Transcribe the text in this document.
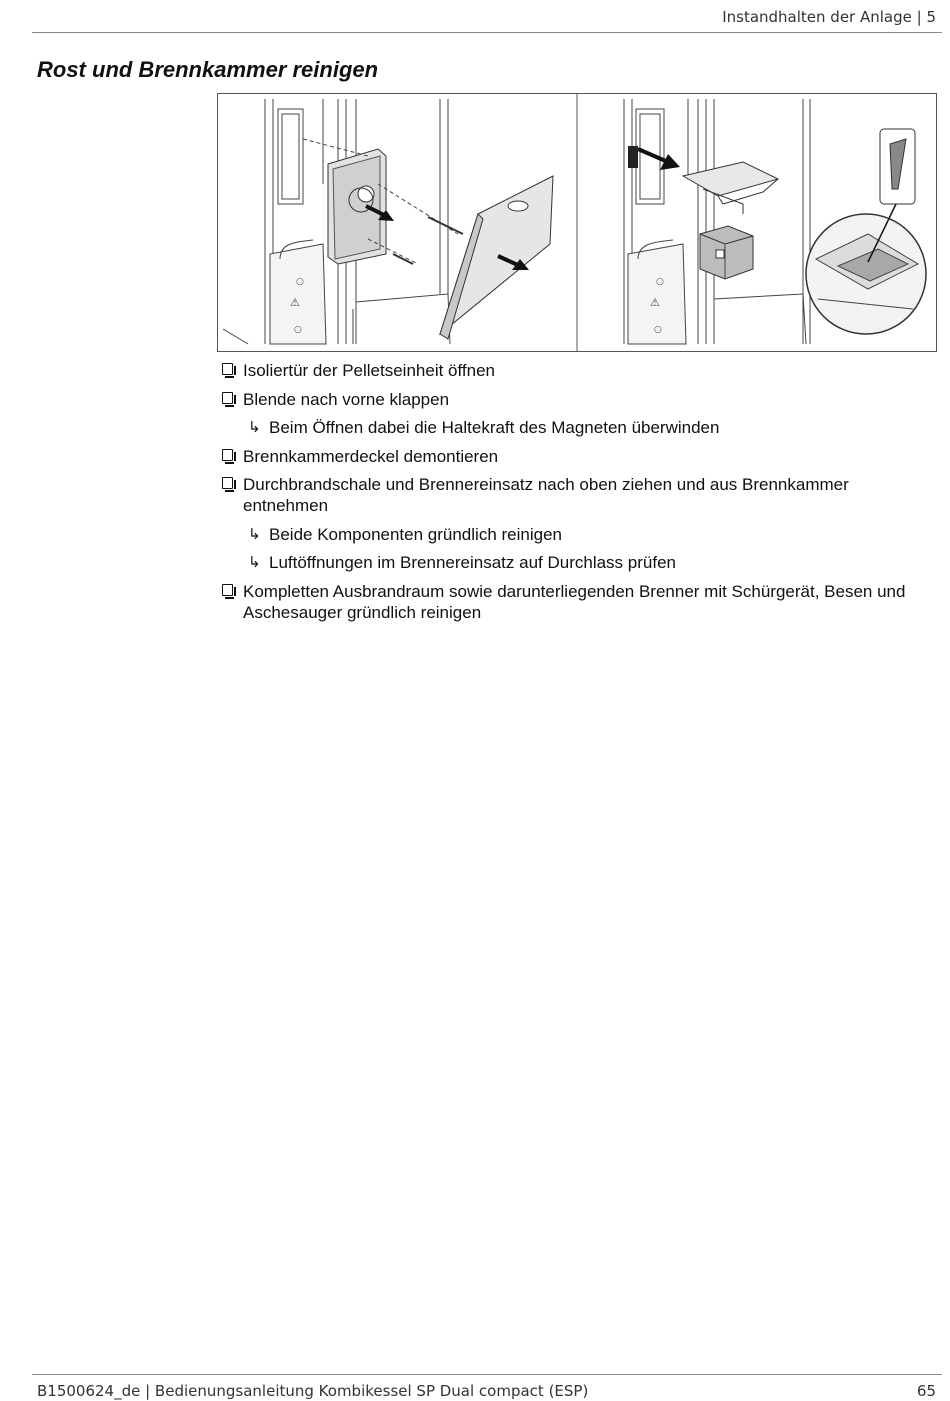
Instandhalten der Anlage | 5
Rost und Brennkammer reinigen
○
⚠
○
○
⚠
○
Isoliertür der Pelletseinheit öffnen
Blende nach vorne klappen
↳ Beim Öffnen dabei die Haltekraft des Magneten überwinden
Brennkammerdeckel demontieren
Durchbrandschale und Brennereinsatz nach oben ziehen und aus Brennkammer entnehmen
↳ Beide Komponenten gründlich reinigen
↳ Luftöffnungen im Brennereinsatz auf Durchlass prüfen
Kompletten Ausbrandraum sowie darunterliegenden Brenner mit Schürgerät, Besen und Aschesauger gründlich reinigen
B1500624_de | Bedienungsanleitung Kombikessel SP Dual compact (ESP)	65
